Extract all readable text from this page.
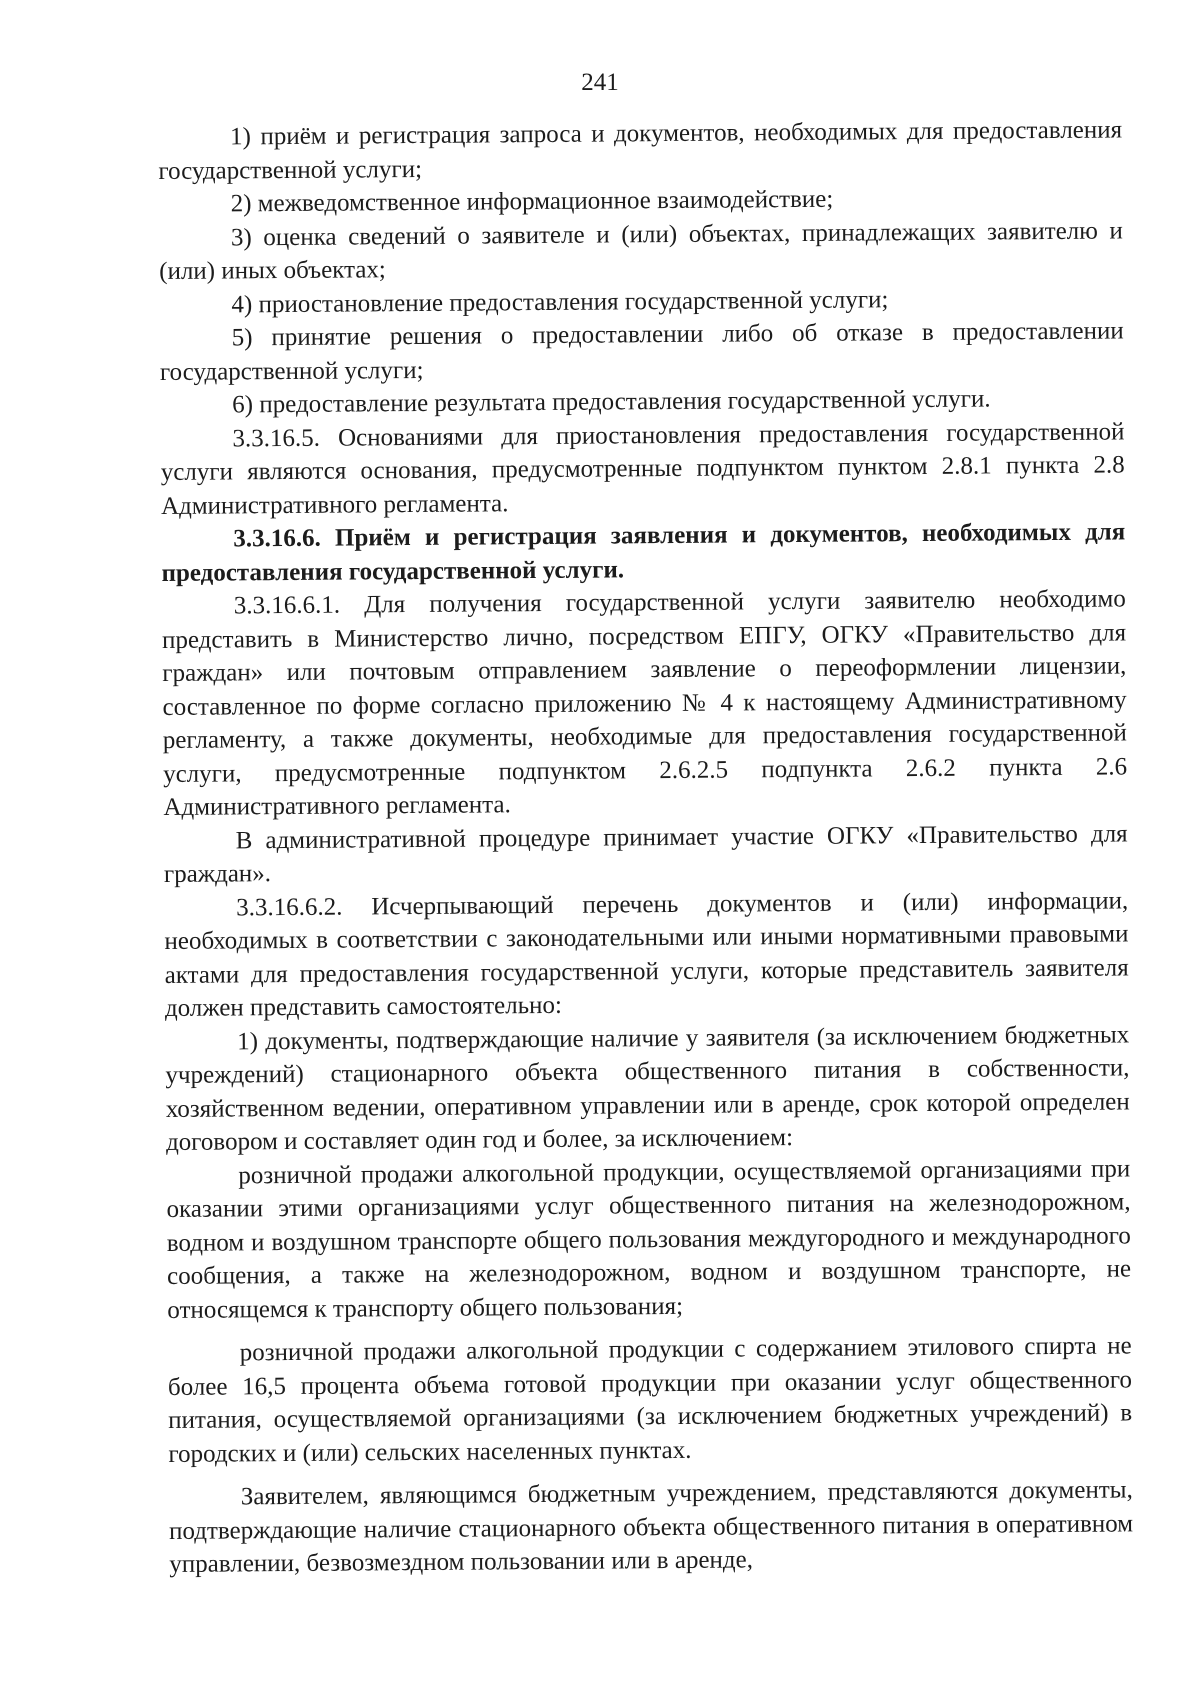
241

1) приём и регистрация запроса и документов, необходимых для предоставления государственной услуги;

2) межведомственное информационное взаимодействие;

3) оценка сведений о заявителе и (или) объектах, принадлежащих заявителю и (или) иных объектах;

4) приостановление предоставления государственной услуги;

5) принятие решения о предоставлении либо об отказе в предоставлении государственной услуги;

6) предоставление результата предоставления государственной услуги.

3.3.16.5. Основаниями для приостановления предоставления государственной услуги являются основания, предусмотренные подпунктом пунктом 2.8.1 пункта 2.8 Административного регламента.

3.3.16.6. Приём и регистрация заявления и документов, необходимых для предоставления государственной услуги.

3.3.16.6.1. Для получения государственной услуги заявителю необходимо представить в Министерство лично, посредством ЕПГУ, ОГКУ «Правительство для граждан» или почтовым отправлением заявление о переоформлении лицензии, составленное по форме согласно приложению № 4 к настоящему Административному регламенту, а также документы, необходимые для предоставления государственной услуги, предусмотренные подпунктом 2.6.2.5 подпункта 2.6.2 пункта 2.6 Административного регламента.

В административной процедуре принимает участие ОГКУ «Правительство для граждан».

3.3.16.6.2. Исчерпывающий перечень документов и (или) информации, необходимых в соответствии с законодательными или иными нормативными правовыми актами для предоставления государственной услуги, которые представитель заявителя должен представить самостоятельно:

1) документы, подтверждающие наличие у заявителя (за исключением бюджетных учреждений) стационарного объекта общественного питания в собственности, хозяйственном ведении, оперативном управлении или в аренде, срок которой определен договором и составляет один год и более, за исключением:

розничной продажи алкогольной продукции, осуществляемой организациями при оказании этими организациями услуг общественного питания на железнодорожном, водном и воздушном транспорте общего пользования междугородного и международного сообщения, а также на железнодорожном, водном и воздушном транспорте, не относящемся к транспорту общего пользования;

розничной продажи алкогольной продукции с содержанием этилового спирта не более 16,5 процента объема готовой продукции при оказании услуг общественного питания, осуществляемой организациями (за исключением бюджетных учреждений) в городских и (или) сельских населенных пунктах.

Заявителем, являющимся бюджетным учреждением, представляются документы, подтверждающие наличие стационарного объекта общественного питания в оперативном управлении, безвозмездном пользовании или в аренде,
